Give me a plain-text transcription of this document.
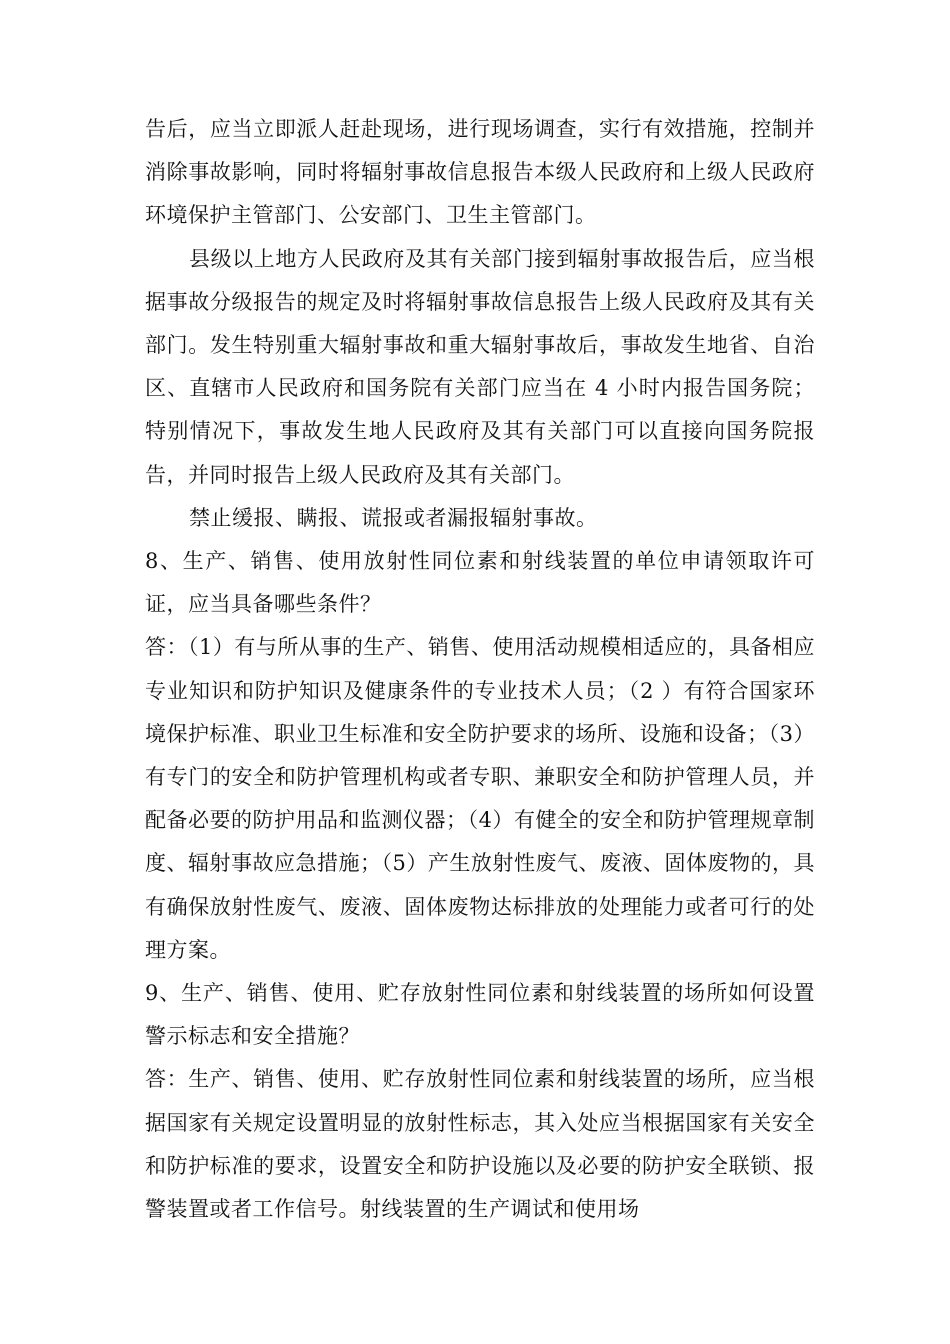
告后，应当立即派人赶赴现场，进行现场调查，实行有效措施，控制并消除事故影响，同时将辐射事故信息报告本级人民政府和上级人民政府环境保护主管部门、公安部门、卫生主管部门。

县级以上地方人民政府及其有关部门接到辐射事故报告后，应当根据事故分级报告的规定及时将辐射事故信息报告上级人民政府及其有关部门。发生特别重大辐射事故和重大辐射事故后，事故发生地省、自治区、直辖市人民政府和国务院有关部门应当在 4 小时内报告国务院；特别情况下，事故发生地人民政府及其有关部门可以直接向国务院报告，并同时报告上级人民政府及其有关部门。

禁止缓报、瞒报、谎报或者漏报辐射事故。

8、生产、销售、使用放射性同位素和射线装置的单位申请领取许可证，应当具备哪些条件？

答：（1）有与所从事的生产、销售、使用活动规模相适应的，具备相应专业知识和防护知识及健康条件的专业技术人员；（2 ）有符合国家环境保护标准、职业卫生标准和安全防护要求的场所、设施和设备；（3）有专门的安全和防护管理机构或者专职、兼职安全和防护管理人员，并配备必要的防护用品和监测仪器；（4）有健全的安全和防护管理规章制度、辐射事故应急措施；（5）产生放射性废气、废液、固体废物的，具有确保放射性废气、废液、固体废物达标排放的处理能力或者可行的处理方案。

9、生产、销售、使用、贮存放射性同位素和射线装置的场所如何设置警示标志和安全措施？

答：生产、销售、使用、贮存放射性同位素和射线装置的场所，应当根据国家有关规定设置明显的放射性标志，其入处应当根据国家有关安全和防护标准的要求，设置安全和防护设施以及必要的防护安全联锁、报警装置或者工作信号。射线装置的生产调试和使用场
